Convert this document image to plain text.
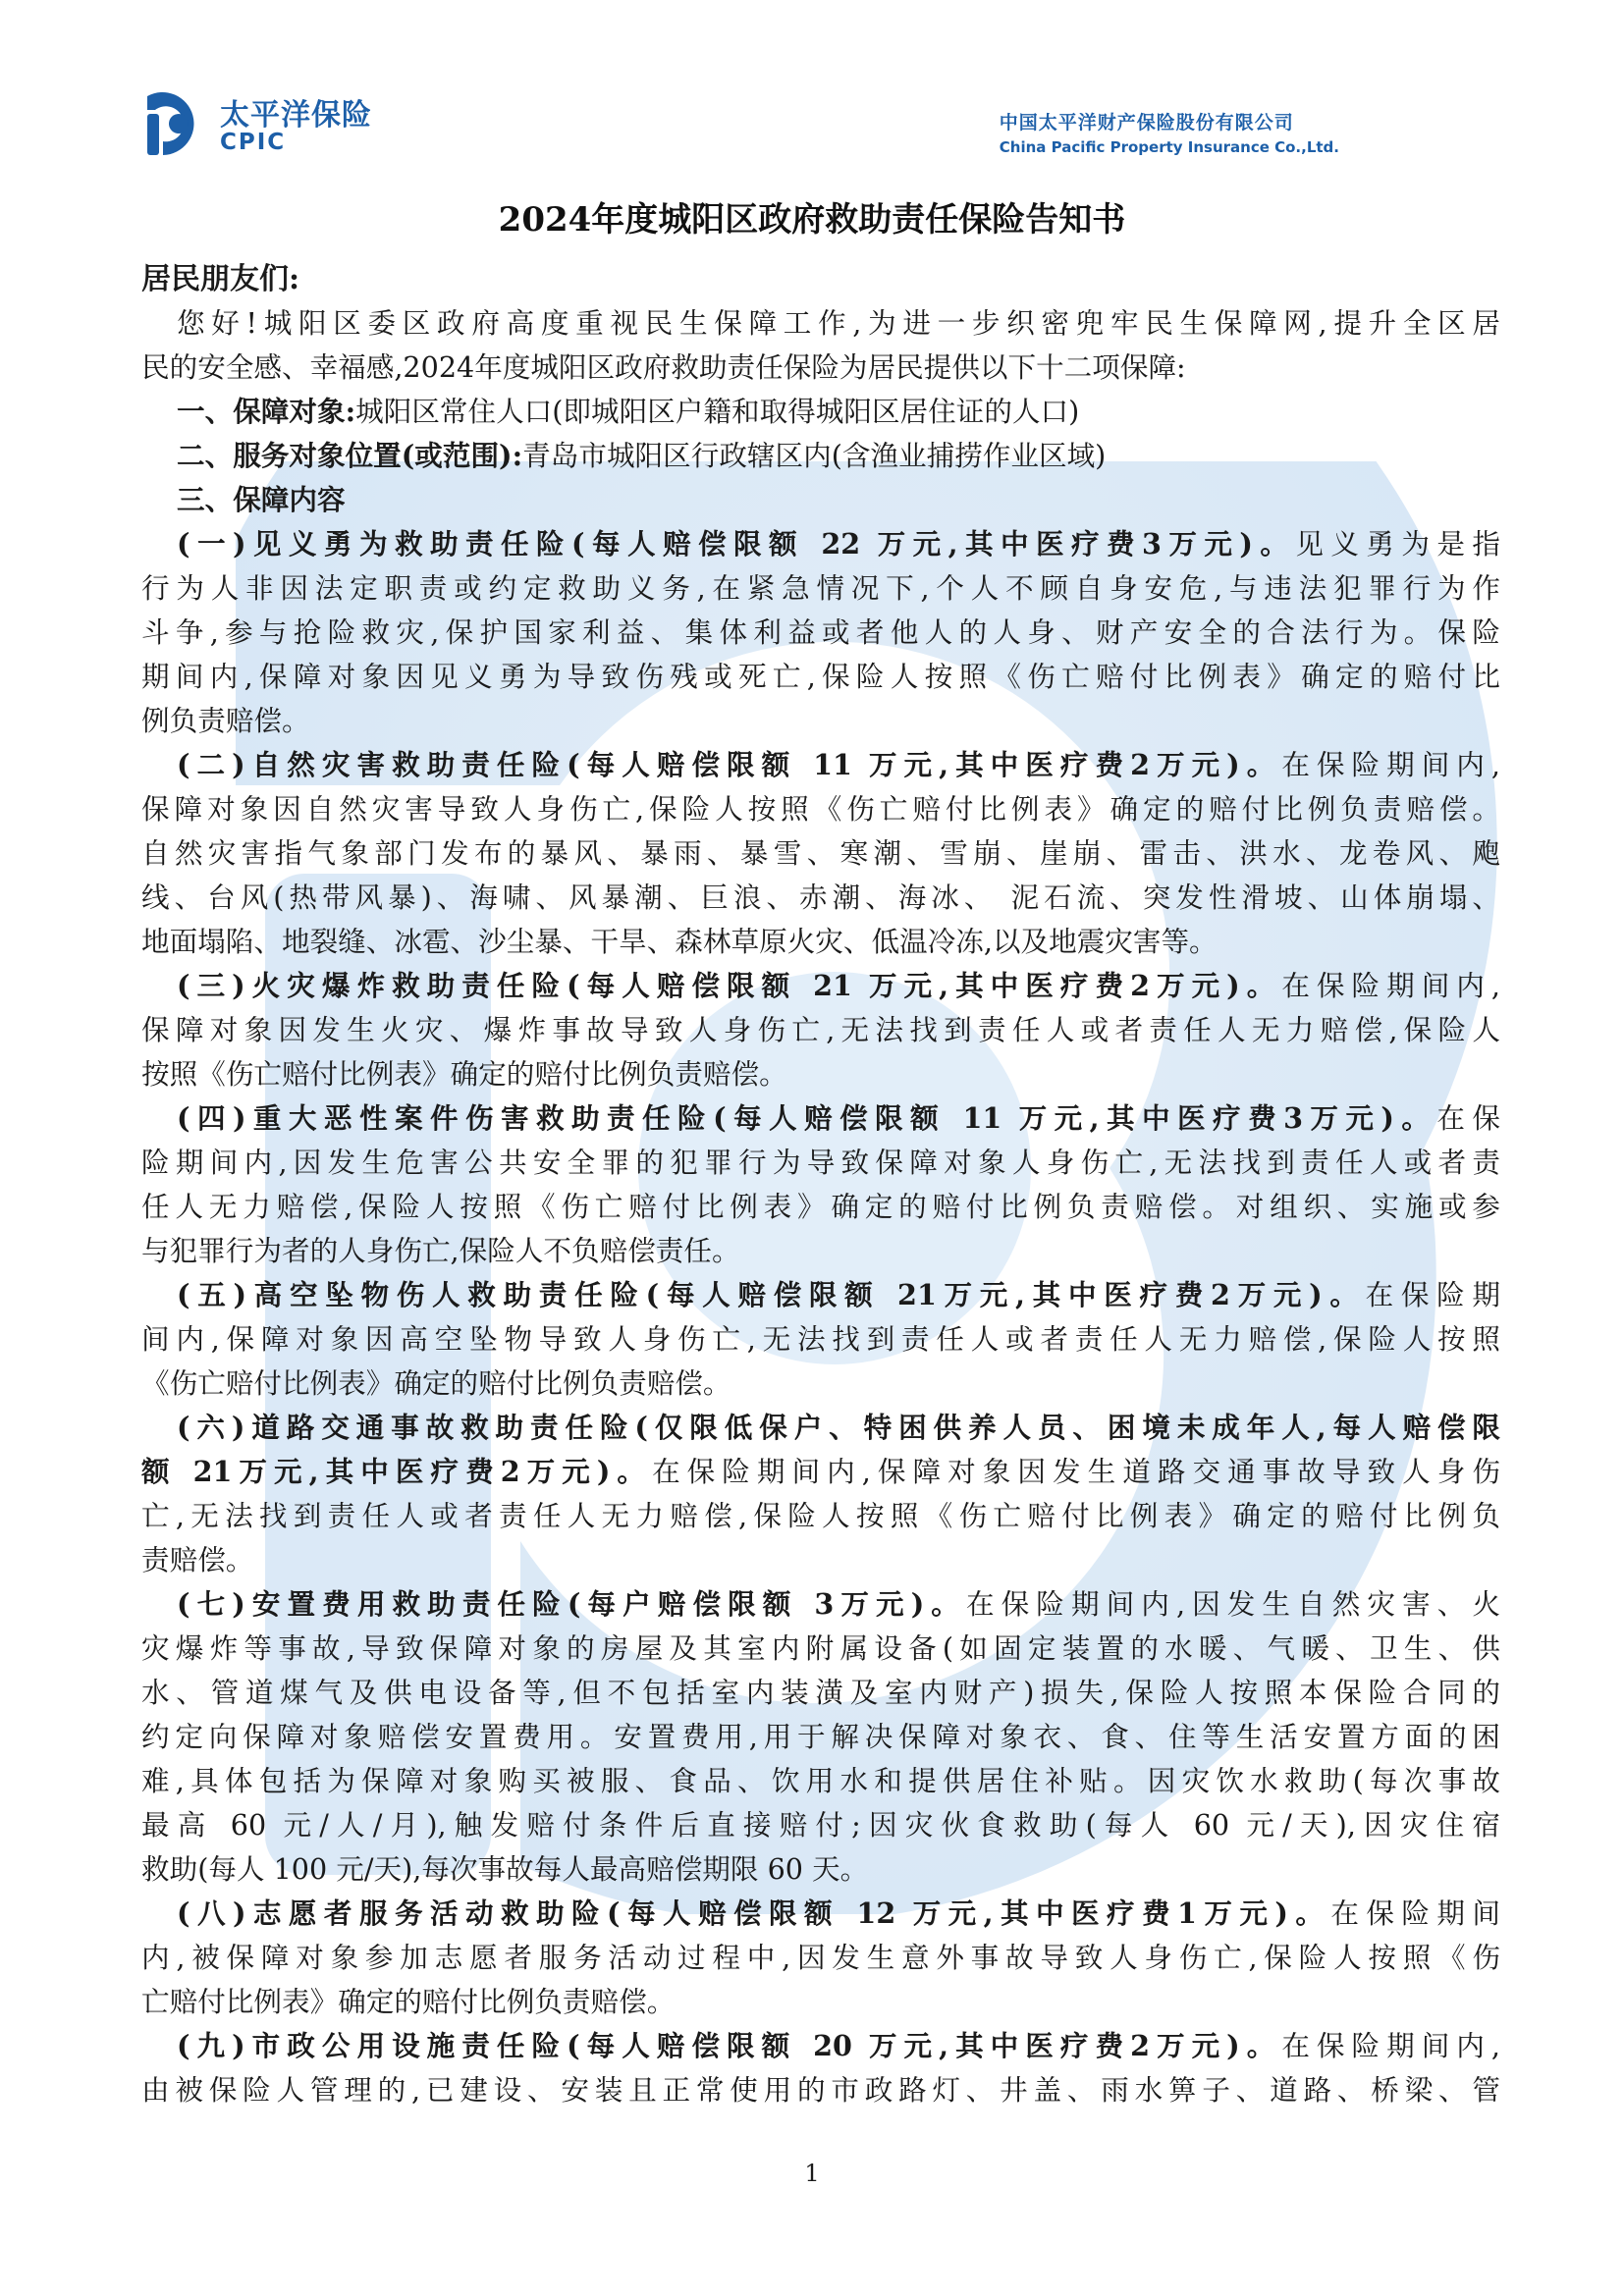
太平洋保险
CPIC
中国太平洋财产保险股份有限公司
China Pacific Property Insurance Co.,Ltd.
2024年度城阳区政府救助责任保险告知书
居民朋友们:
您好!城阳区委区政府高度重视民生保障工作,为进一步织密兜牢民生保障网,提升全区居
民的安全感、幸福感,2024年度城阳区政府救助责任保险为居民提供以下十二项保障:
一、保障对象:城阳区常住人口(即城阳区户籍和取得城阳区居住证的人口)
二、服务对象位置(或范围):青岛市城阳区行政辖区内(含渔业捕捞作业区域)
三、保障内容
(一)见义勇为救助责任险(每人赔偿限额 22 万元,其中医疗费3万元)。见义勇为是指
行为人非因法定职责或约定救助义务,在紧急情况下,个人不顾自身安危,与违法犯罪行为作
斗争,参与抢险救灾,保护国家利益、集体利益或者他人的人身、财产安全的合法行为。保险
期间内,保障对象因见义勇为导致伤残或死亡,保险人按照《伤亡赔付比例表》确定的赔付比
例负责赔偿。
(二)自然灾害救助责任险(每人赔偿限额 11 万元,其中医疗费2万元)。在保险期间内,
保障对象因自然灾害导致人身伤亡,保险人按照《伤亡赔付比例表》确定的赔付比例负责赔偿。
自然灾害指气象部门发布的暴风、暴雨、暴雪、寒潮、雪崩、崖崩、雷击、洪水、龙卷风、飑
线、台风(热带风暴)、海啸、风暴潮、巨浪、赤潮、海冰、 泥石流、突发性滑坡、山体崩塌、
地面塌陷、地裂缝、冰雹、沙尘暴、干旱、森林草原火灾、低温冷冻,以及地震灾害等。
(三)火灾爆炸救助责任险(每人赔偿限额 21 万元,其中医疗费2万元)。在保险期间内,
保障对象因发生火灾、爆炸事故导致人身伤亡,无法找到责任人或者责任人无力赔偿,保险人
按照《伤亡赔付比例表》确定的赔付比例负责赔偿。
(四)重大恶性案件伤害救助责任险(每人赔偿限额 11 万元,其中医疗费3万元)。在保
险期间内,因发生危害公共安全罪的犯罪行为导致保障对象人身伤亡,无法找到责任人或者责
任人无力赔偿,保险人按照《伤亡赔付比例表》确定的赔付比例负责赔偿。对组织、实施或参
与犯罪行为者的人身伤亡,保险人不负赔偿责任。
(五)高空坠物伤人救助责任险(每人赔偿限额 21万元,其中医疗费2万元)。在保险期
间内,保障对象因高空坠物导致人身伤亡,无法找到责任人或者责任人无力赔偿,保险人按照
《伤亡赔付比例表》确定的赔付比例负责赔偿。
(六)道路交通事故救助责任险(仅限低保户、特困供养人员、困境未成年人,每人赔偿限
额 21万元,其中医疗费2万元)。在保险期间内,保障对象因发生道路交通事故导致人身伤
亡,无法找到责任人或者责任人无力赔偿,保险人按照《伤亡赔付比例表》确定的赔付比例负
责赔偿。
(七)安置费用救助责任险(每户赔偿限额 3万元)。在保险期间内,因发生自然灾害、火
灾爆炸等事故,导致保障对象的房屋及其室内附属设备(如固定装置的水暖、气暖、卫生、供
水、管道煤气及供电设备等,但不包括室内装潢及室内财产)损失,保险人按照本保险合同的
约定向保障对象赔偿安置费用。安置费用,用于解决保障对象衣、食、住等生活安置方面的困
难,具体包括为保障对象购买被服、食品、饮用水和提供居住补贴。因灾饮水救助(每次事故
最高 60 元/人/月),触发赔付条件后直接赔付;因灾伙食救助(每人 60 元/天),因灾住宿
救助(每人 100 元/天),每次事故每人最高赔偿期限 60 天。
(八)志愿者服务活动救助险(每人赔偿限额 12 万元,其中医疗费1万元)。在保险期间
内,被保障对象参加志愿者服务活动过程中,因发生意外事故导致人身伤亡,保险人按照《伤
亡赔付比例表》确定的赔付比例负责赔偿。
(九)市政公用设施责任险(每人赔偿限额 20 万元,其中医疗费2万元)。在保险期间内,
由被保险人管理的,已建设、安装且正常使用的市政路灯、井盖、雨水箅子、道路、桥梁、管
1
